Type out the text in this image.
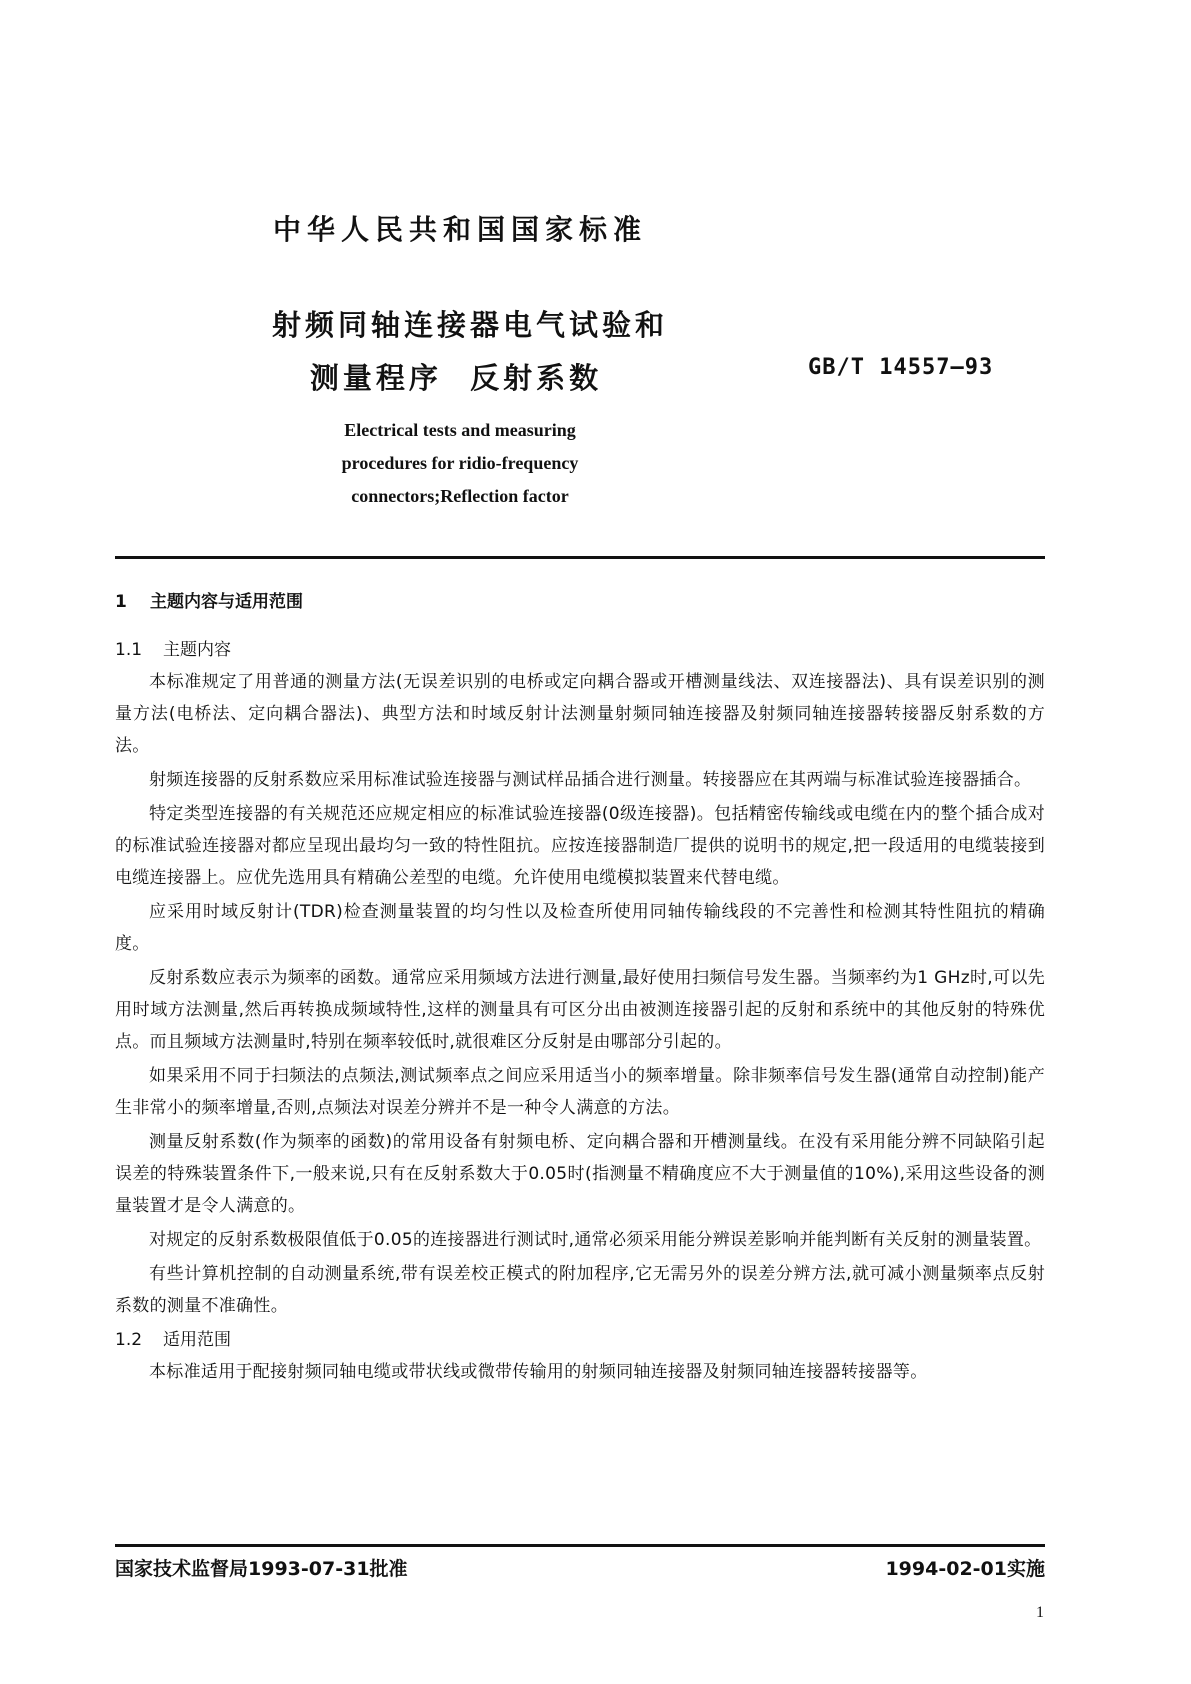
中华人民共和国国家标准
射频同轴连接器电气试验和
测量程序  反射系数	GB/T 14557—93
Electrical tests and measuring
procedures for ridio-frequency
connectors;Reflection factor
1 主题内容与适用范围
1.1 主题内容

本标准规定了用普通的测量方法(无误差识别的电桥或定向耦合器或开槽测量线法、双连接器法)、具有误差识别的测量方法(电桥法、定向耦合器法)、典型方法和时域反射计法测量射频同轴连接器及射频同轴连接器转接器反射系数的方法。

射频连接器的反射系数应采用标准试验连接器与测试样品插合进行测量。转接器应在其两端与标准试验连接器插合。

特定类型连接器的有关规范还应规定相应的标准试验连接器(0级连接器)。包括精密传输线或电缆在内的整个插合成对的标准试验连接器对都应呈现出最均匀一致的特性阻抗。应按连接器制造厂提供的说明书的规定,把一段适用的电缆装接到电缆连接器上。应优先选用具有精确公差型的电缆。允许使用电缆模拟装置来代替电缆。

应采用时域反射计(TDR)检查测量装置的均匀性以及检查所使用同轴传输线段的不完善性和检测其特性阻抗的精确度。

反射系数应表示为频率的函数。通常应采用频域方法进行测量,最好使用扫频信号发生器。当频率约为1 GHz时,可以先用时域方法测量,然后再转换成频域特性,这样的测量具有可区分出由被测连接器引起的反射和系统中的其他反射的特殊优点。而且频域方法测量时,特别在频率较低时,就很难区分反射是由哪部分引起的。

如果采用不同于扫频法的点频法,测试频率点之间应采用适当小的频率增量。除非频率信号发生器(通常自动控制)能产生非常小的频率增量,否则,点频法对误差分辨并不是一种令人满意的方法。

测量反射系数(作为频率的函数)的常用设备有射频电桥、定向耦合器和开槽测量线。在没有采用能分辨不同缺陷引起误差的特殊装置条件下,一般来说,只有在反射系数大于0.05时(指测量不精确度应不大于测量值的10%),采用这些设备的测量装置才是令人满意的。

对规定的反射系数极限值低于0.05的连接器进行测试时,通常必须采用能分辨误差影响并能判断有关反射的测量装置。

有些计算机控制的自动测量系统,带有误差校正模式的附加程序,它无需另外的误差分辨方法,就可减小测量频率点反射系数的测量不准确性。

1.2 适用范围

本标准适用于配接射频同轴电缆或带状线或微带传输用的射频同轴连接器及射频同轴连接器转接器等。

国家技术监督局1993-07-31批准	1994-02-01实施
1
